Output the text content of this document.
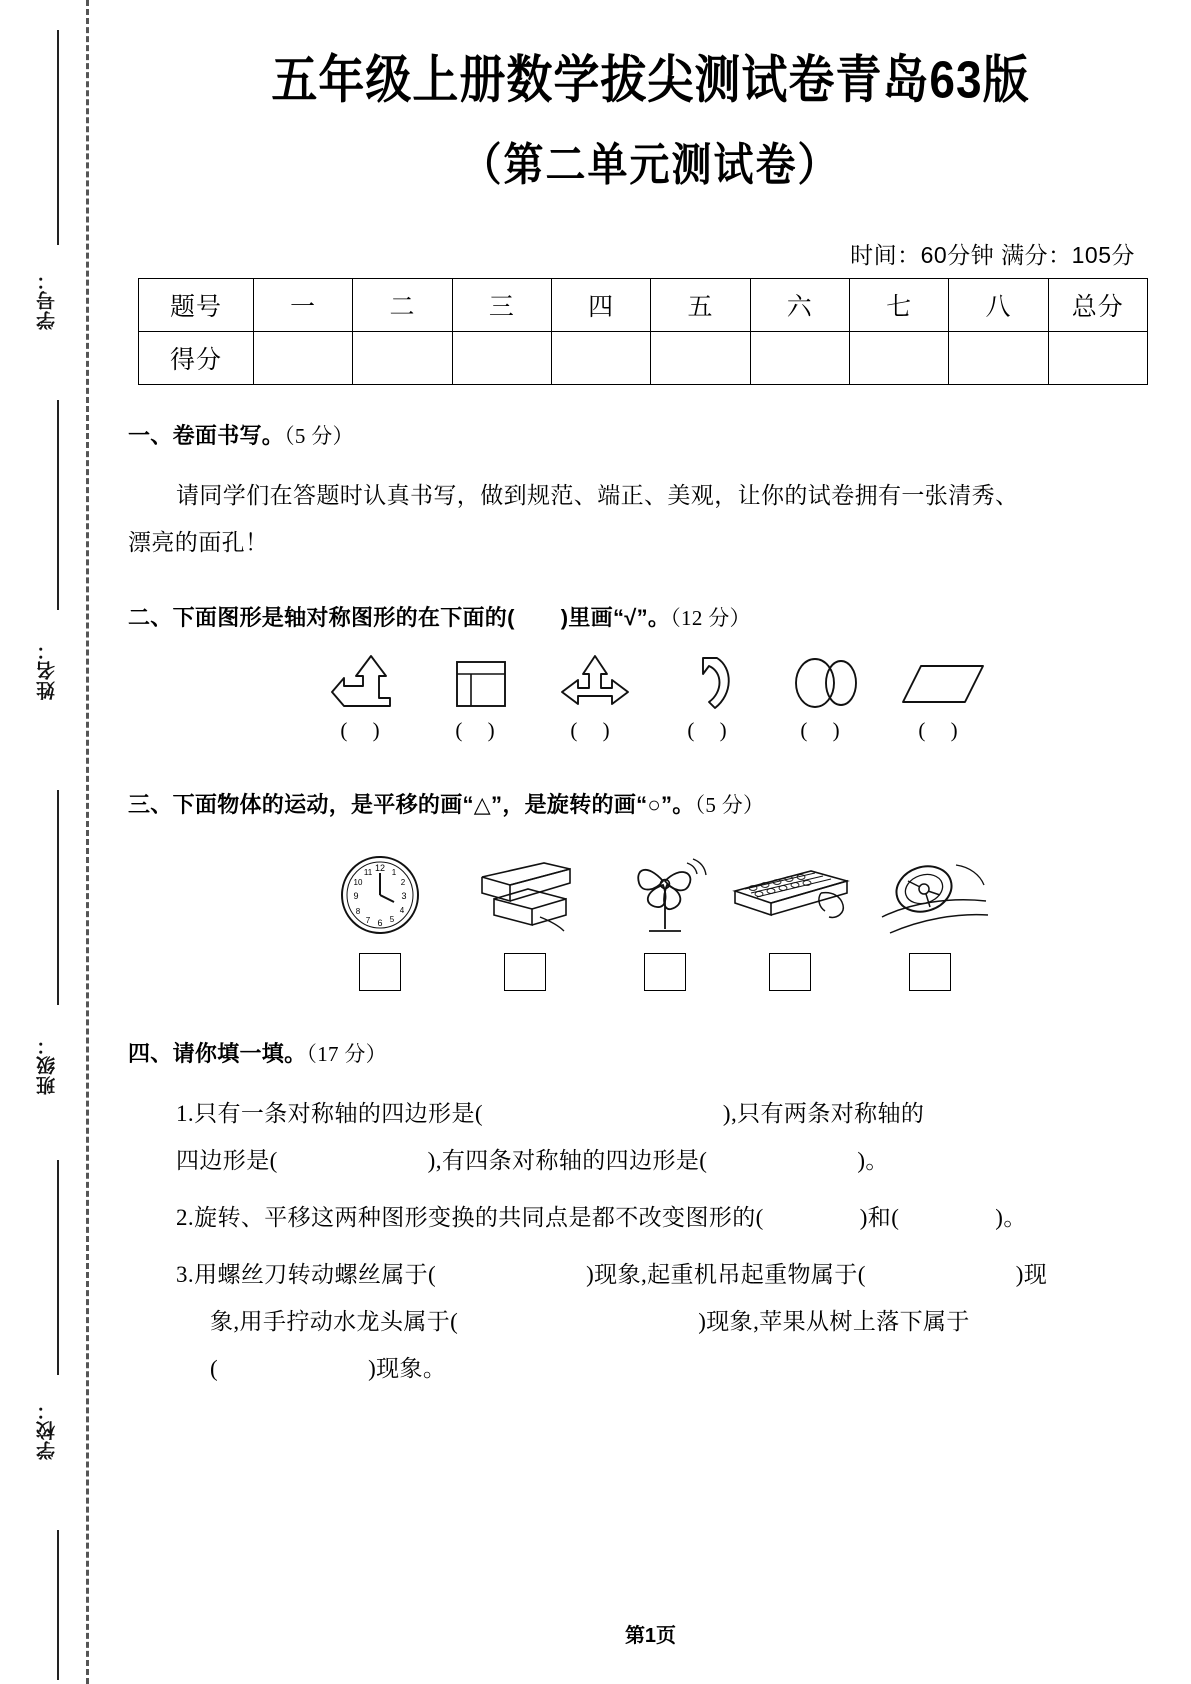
学号：
姓名：
班级：
学校：
五年级上册数学拔尖测试卷青岛63版
（第二单元测试卷）
时间：60分钟 满分：105分
题号	一	二	三	四	五	六	七	八	总分
得分									
一、卷面书写。（5 分）
请同学们在答题时认真书写，做到规范、端正、美观，让你的试卷拥有一张清秀、
漂亮的面孔！
二、下面图形是轴对称图形的在下面的( )里画“√”。（12 分）
( )	( )	( )	( )	( )	( )
三、下面物体的运动，是平移的画“△”，是旋转的画“○”。（5 分）
12
3
6
9
1
2
4
5
7
8
10
11
四、请你填一填。（17 分）
1.只有一条对称轴的四边形是(	),只有两条对称轴的
四边形是(	),有四条对称轴的四边形是(	)。
2.旋转、平移这两种图形变换的共同点是都不改变图形的(	)和(	)。
3.用螺丝刀转动螺丝属于(	)现象,起重机吊起重物属于(	)现
象,用手拧动水龙头属于(	)现象,苹果从树上落下属于
(	)现象。
第1页
